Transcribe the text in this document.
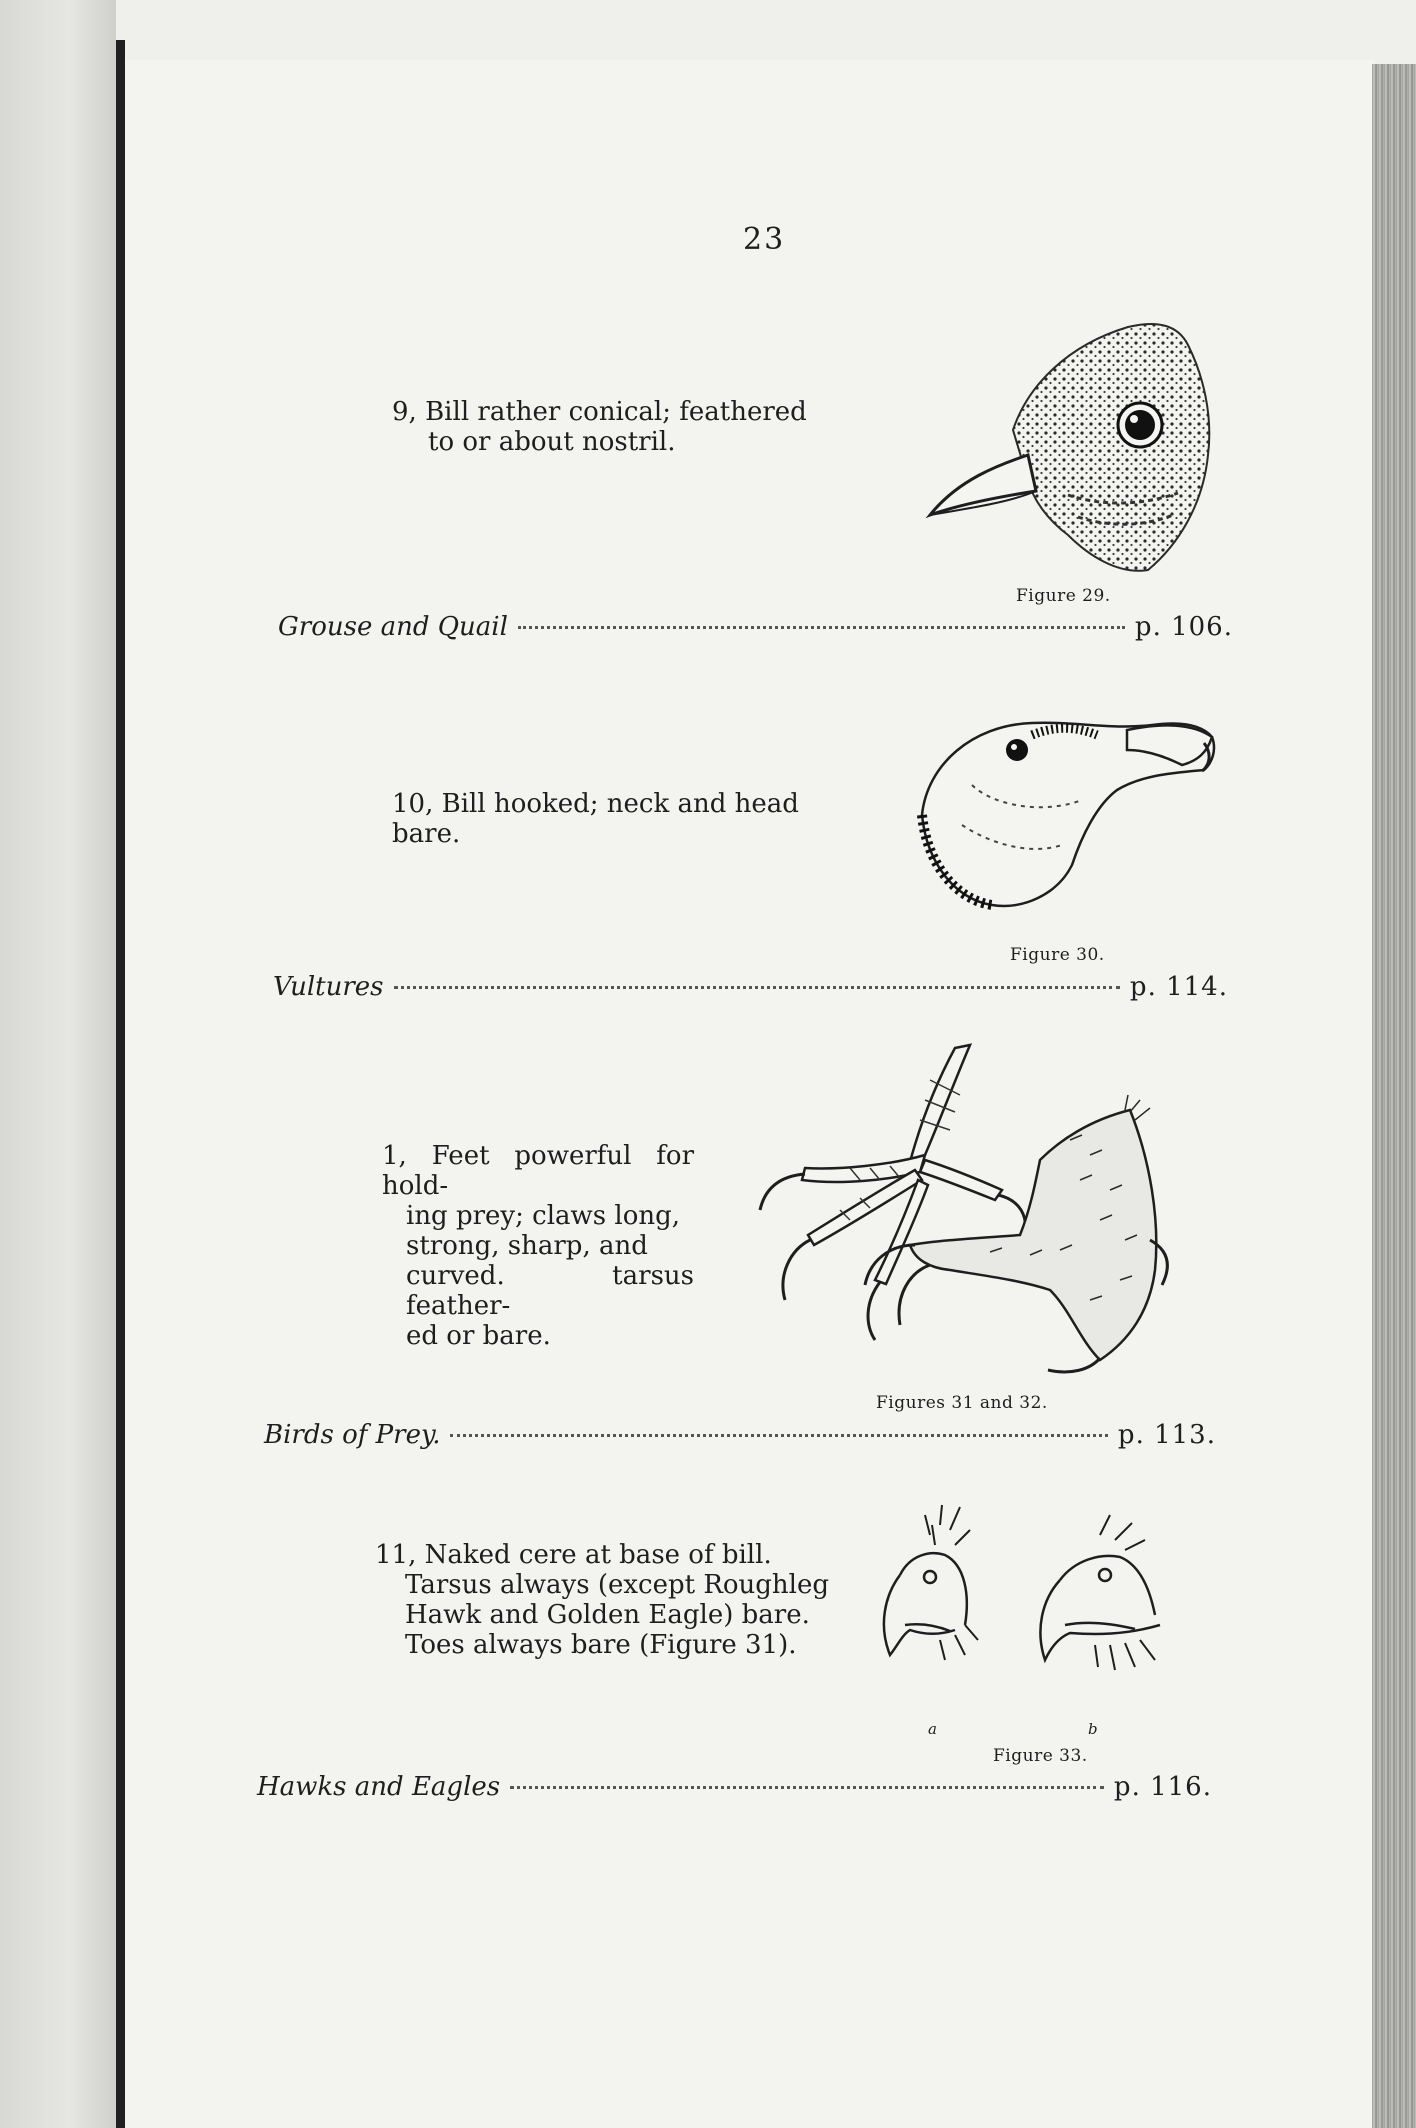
23

9, Bill rather conical; feathered

to or about nostril.

Figure 29.
Grouse and Quail	p. 106.

10, Bill hooked; neck and head bare.

Figure 30.
Vultures	p. 114.

1, Feet powerful for hold-

ing prey; claws long,

strong, sharp, and

curved. tarsus feather-

ed or bare.

Figures 31 and 32.
Birds of Prey.	p. 113.

11, Naked cere at base of bill.

Tarsus always (except Roughleg

Hawk and Golden Eagle) bare.

Toes always bare (Figure 31).

a	b
Figure 33.
Hawks and Eagles	p. 116.
